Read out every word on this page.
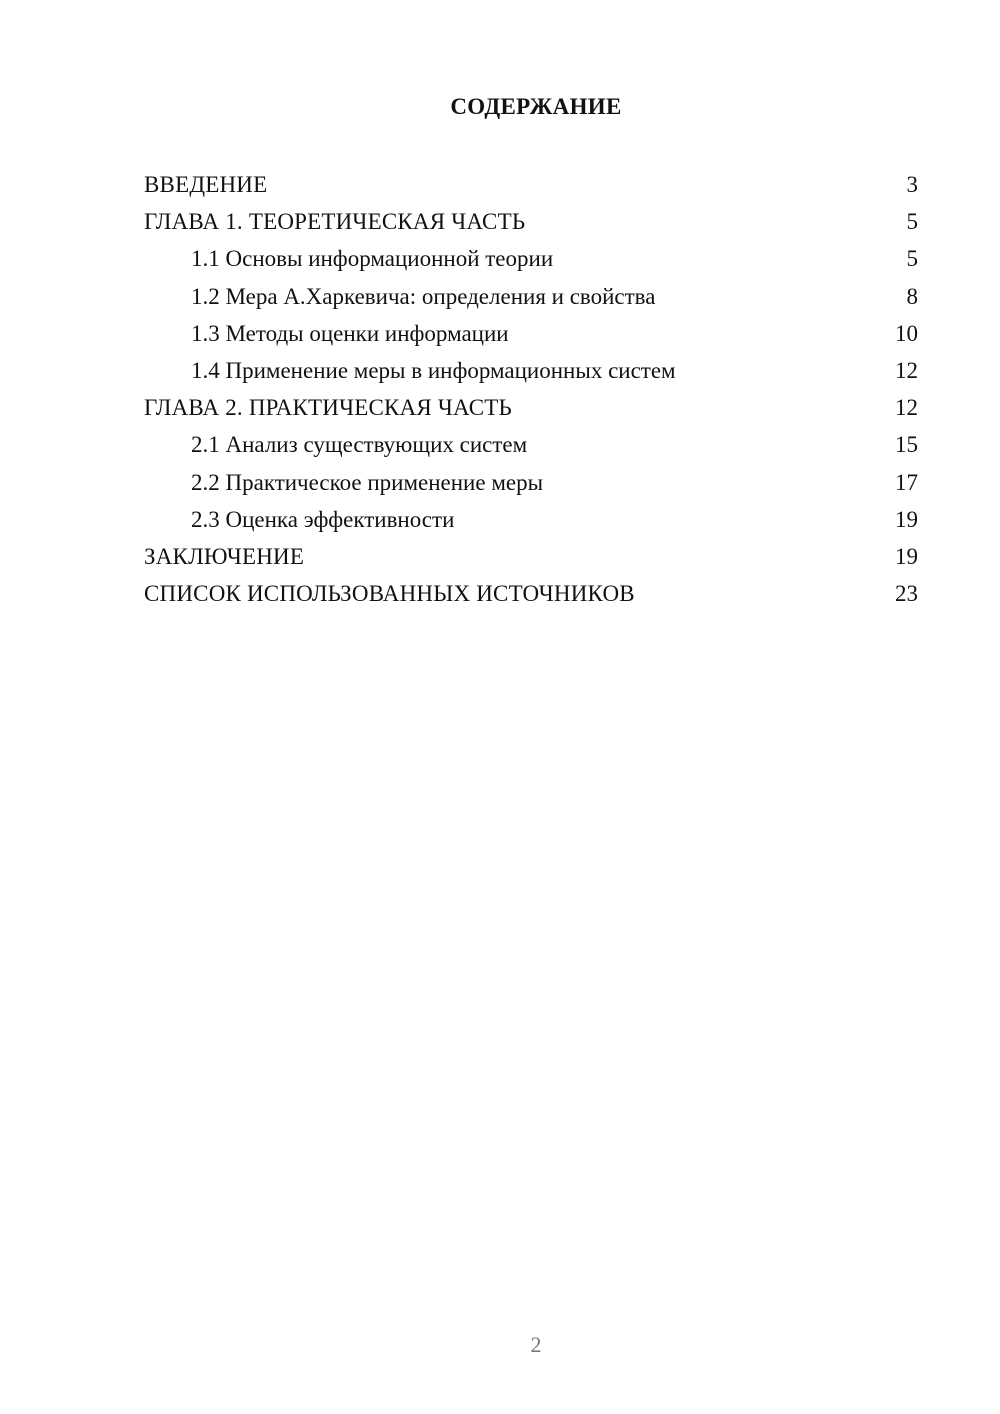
СОДЕРЖАНИЕ
ВВЕДЕНИЕ	3
ГЛАВА 1. ТЕОРЕТИЧЕСКАЯ ЧАСТЬ	5
1.1 Основы информационной теории	5
1.2 Мера А.Харкевича: определения и свойства	8
1.3 Методы оценки информации	10
1.4 Применение меры в информационных систем	12
ГЛАВА 2. ПРАКТИЧЕСКАЯ ЧАСТЬ	12
2.1 Анализ существующих систем	15
2.2 Практическое применение меры	17
2.3 Оценка эффективности	19
ЗАКЛЮЧЕНИЕ	19
СПИСОК ИСПОЛЬЗОВАННЫХ ИСТОЧНИКОВ	23
2
